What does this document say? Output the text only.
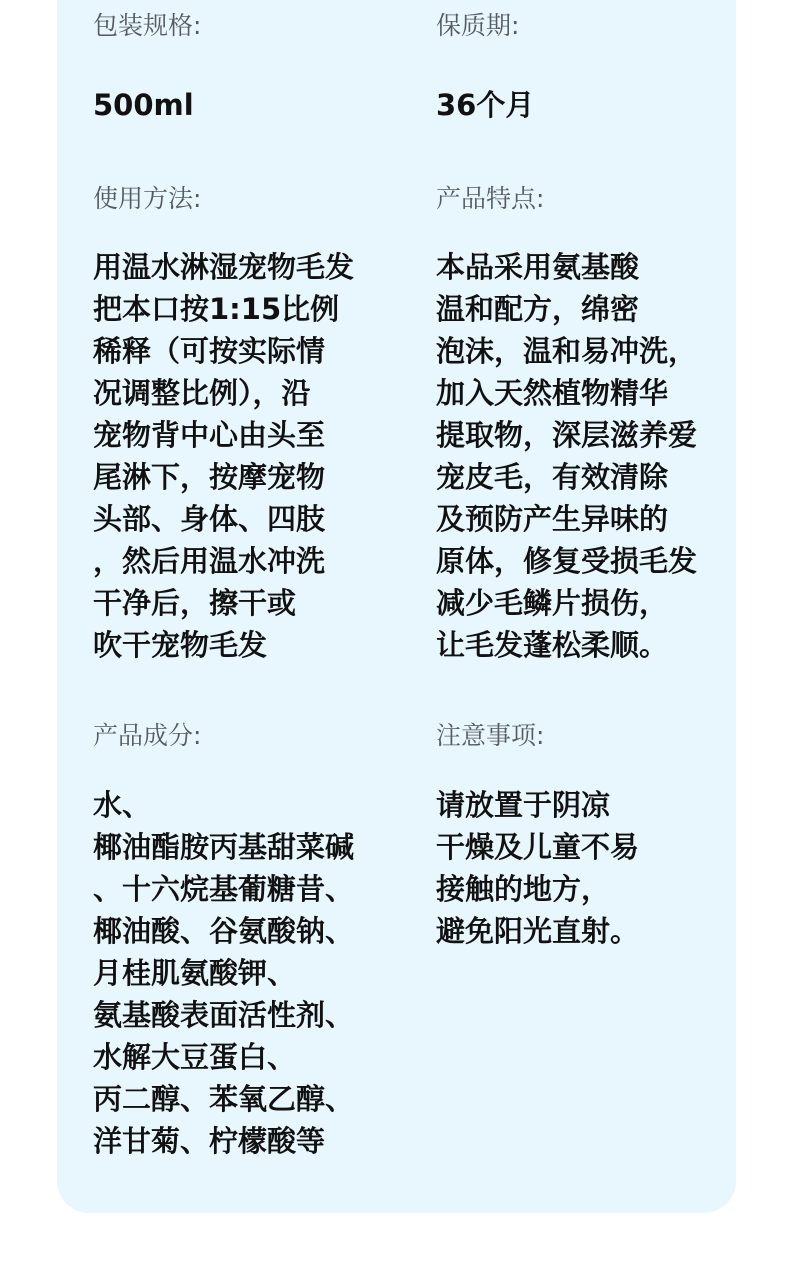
包装规格:
500ml
保质期:
36个月
使用方法:
用温水淋湿宠物毛发
把本口按1:15比例
稀释（可按实际情
况调整比例），沿
宠物背中心由头至
尾淋下，按摩宠物
头部、身体、四肢
，然后用温水冲洗
干净后，擦干或
吹干宠物毛发
产品特点:
本品采用氨基酸
温和配方，绵密
泡沫，温和易冲洗，
加入天然植物精华
提取物，深层滋养爱
宠皮毛，有效清除
及预防产生异味的
原体，修复受损毛发
减少毛鳞片损伤，
让毛发蓬松柔顺。
产品成分:
水、
椰油酯胺丙基甜菜碱
、十六烷基葡糖昔、
椰油酸、谷氨酸钠、
月桂肌氨酸钾、
氨基酸表面活性剂、
水解大豆蛋白、
丙二醇、苯氧乙醇、
洋甘菊、柠檬酸等
注意事项:
请放置于阴凉
干燥及儿童不易
接触的地方，
避免阳光直射。
